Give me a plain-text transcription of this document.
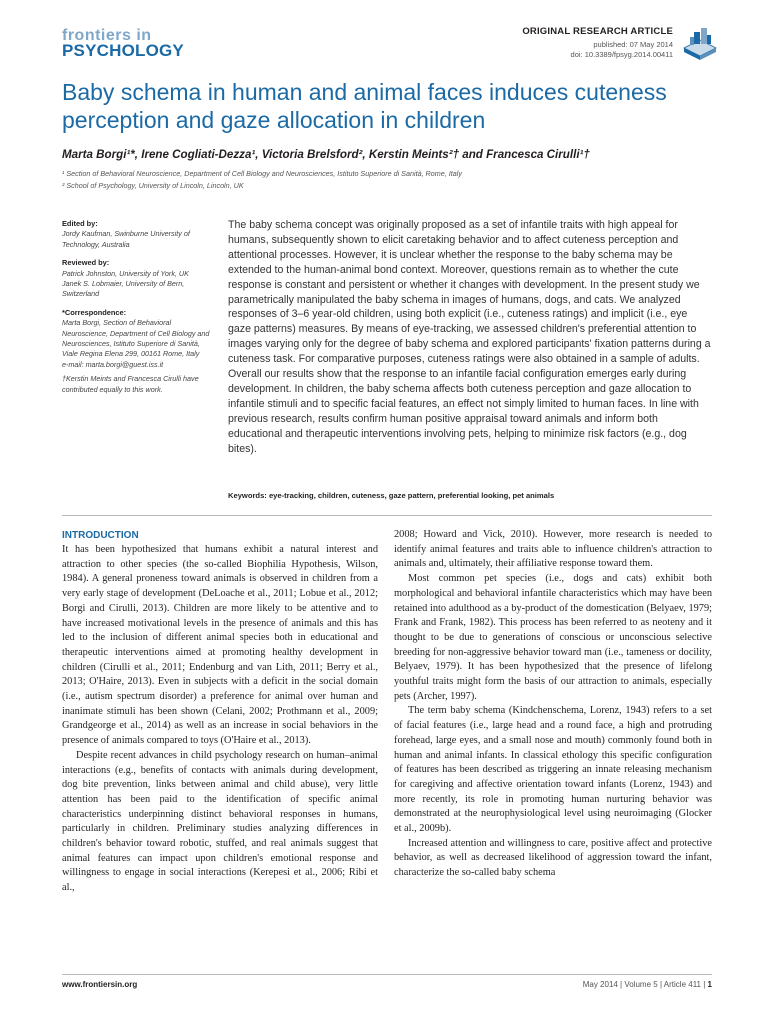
frontiers in
PSYCHOLOGY
ORIGINAL RESEARCH ARTICLE
published: 07 May 2014
doi: 10.3389/fpsyg.2014.00411
Baby schema in human and animal faces induces cuteness perception and gaze allocation in children
Marta Borgi¹*, Irene Cogliati-Dezza¹, Victoria Brelsford², Kerstin Meints²† and Francesca Cirulli¹†
¹ Section of Behavioral Neuroscience, Department of Cell Biology and Neurosciences, Istituto Superiore di Sanità, Rome, Italy
² School of Psychology, University of Lincoln, Lincoln, UK
Edited by:

Jordy Kaufman, Swinburne University of Technology, Australia

Reviewed by:

Patrick Johnston, University of York, UK

Janek S. Lobmaier, University of Bern, Switzerland

*Correspondence:

Marta Borgi, Section of Behavioral Neuroscience, Department of Cell Biology and Neurosciences, Istituto Superiore di Sanità, Viale Regina Elena 299, 00161 Rome, Italy

e-mail: marta.borgi@guest.iss.it

†Kerstin Meints and Francesca Cirulli have contributed equally to this work.

The baby schema concept was originally proposed as a set of infantile traits with high appeal for humans, subsequently shown to elicit caretaking behavior and to affect cuteness perception and attentional processes. However, it is unclear whether the response to the baby schema may be extended to the human-animal bond context. Moreover, questions remain as to whether the cute response is constant and persistent or whether it changes with development. In the present study we parametrically manipulated the baby schema in images of humans, dogs, and cats. We analyzed responses of 3–6 year-old children, using both explicit (i.e., cuteness ratings) and implicit (i.e., eye gaze patterns) measures. By means of eye-tracking, we assessed children's preferential attention to images varying only for the degree of baby schema and explored participants' fixation patterns during a cuteness task. For comparative purposes, cuteness ratings were also obtained in a sample of adults. Overall our results show that the response to an infantile facial configuration emerges early during development. In children, the baby schema affects both cuteness perception and gaze allocation to infantile stimuli and to specific facial features, an effect not simply limited to human faces. In line with previous research, results confirm human positive appraisal toward animals and inform both educational and therapeutic interventions involving pets, helping to minimize risk factors (e.g., dog bites).
Keywords: eye-tracking, children, cuteness, gaze pattern, preferential looking, pet animals
INTRODUCTION

It has been hypothesized that humans exhibit a natural interest and attraction to other species (the so-called Biophilia Hypothesis, Wilson, 1984). A general proneness toward animals is observed in children from a very early stage of development (DeLoache et al., 2011; Lobue et al., 2012; Borgi and Cirulli, 2013). Children are more likely to be attentive and to have increased motivational levels in the presence of animals and this has led to the inclusion of different animal species both in educational and therapeutic interventions aimed at promoting healthy development in children (Cirulli et al., 2011; Endenburg and van Lith, 2011; Berry et al., 2013; O'Haire, 2013). Even in subjects with a deficit in the social domain (i.e., autism spectrum disorder) a preference for animal over human and inanimate stimuli has been shown (Celani, 2002; Prothmann et al., 2009; Grandgeorge et al., 2014) as well as an increase in social behaviors in the presence of animals compared to toys (O'Haire et al., 2013).

Despite recent advances in child psychology research on human–animal interactions (e.g., benefits of contacts with animals during development, dog bite prevention, links between animal and child abuse), very little attention has been paid to the identification of specific animal characteristics underpinning distinct behavioral responses in humans, particularly in children. Preliminary studies analyzing differences in children's behavior toward robotic, stuffed, and real animals suggest that animal features can impact upon children's emotional response and willingness to engage in social interactions (Kerepesi et al., 2006; Ribi et al.,

2008; Howard and Vick, 2010). However, more research is needed to identify animal features and traits able to influence children's attraction to animals and, ultimately, their affiliative response toward them.

Most common pet species (i.e., dogs and cats) exhibit both morphological and behavioral infantile characteristics which may have been retained into adulthood as a by-product of the domestication (Belyaev, 1979; Frank and Frank, 1982). This process has been referred to as neoteny and it thought to be due to generations of conscious or unconscious selective breeding for non-aggressive behavior toward man (i.e., tameness or docility, Belyaev, 1979). It has been hypothesized that the presence of lifelong youthful traits might form the basis of our attraction to animals, especially pets (Archer, 1997).

The term baby schema (Kindchenschema, Lorenz, 1943) refers to a set of facial features (i.e., large head and a round face, a high and protruding forehead, large eyes, and a small nose and mouth) commonly found both in human and animal infants. In classical ethology this specific configuration of features has been described as triggering an innate releasing mechanism for caregiving and affective orientation toward infants (Lorenz, 1943) and more recently, its role in promoting human nurturing behavior was demonstrated at the neurophysiological level using neuroimaging (Glocker et al., 2009b).

Increased attention and willingness to care, positive affect and protective behavior, as well as decreased likelihood of aggression toward the infant, characterize the so-called baby schema

www.frontiersin.org	May 2014 | Volume 5 | Article 411 | 1
